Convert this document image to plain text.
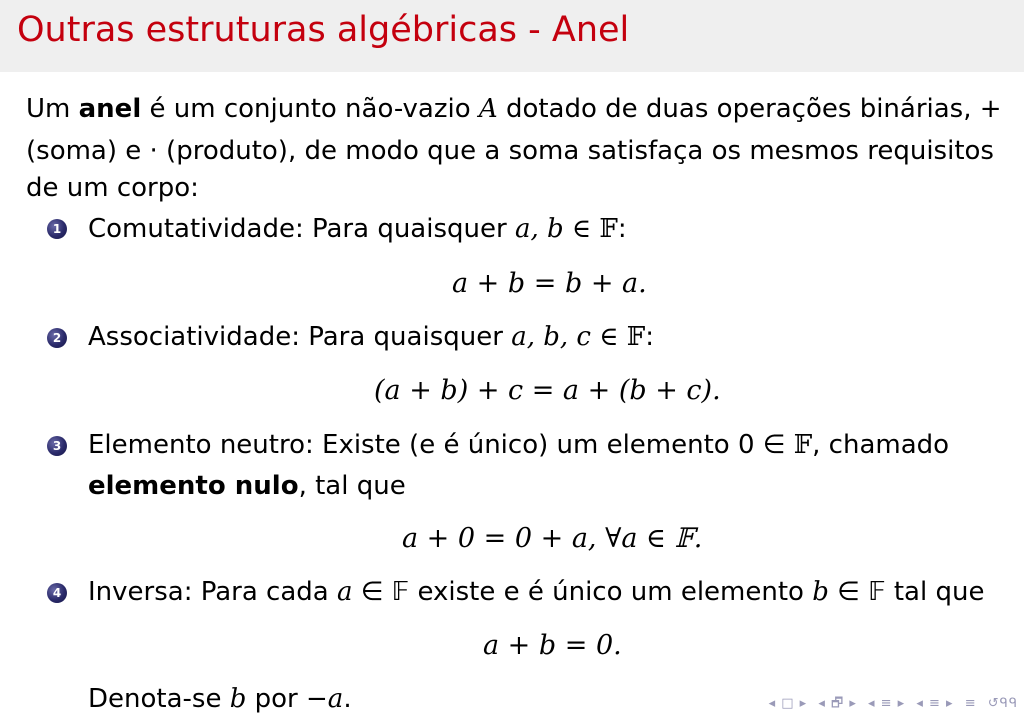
Outras estruturas algébricas - Anel
Um anel é um conjunto não-vazio A dotado de duas operações binárias, +
(soma) e · (produto), de modo que a soma satisfaça os mesmos requisitos
de um corpo:
1 Comutatividade: Para quaisquer a, b ∈ 𝔽:
a + b = b + a.
2 Associatividade: Para quaisquer a, b, c ∈ 𝔽:
(a + b) + c = a + (b + c).
3 Elemento neutro: Existe (e é único) um elemento 0 ∈ 𝔽, chamado
elemento nulo, tal que
a + 0 = 0 + a, ∀a ∈ 𝔽.
4 Inversa: Para cada a ∈ 𝔽 existe e é único um elemento b ∈ 𝔽 tal que
a + b = 0.
Denota-se b por −a.	◂ □ ▸ ◂ 🗗 ▸ ◂ ≡ ▸ ◂ ≡ ▸ ≡ ↺ᑫᑫ
